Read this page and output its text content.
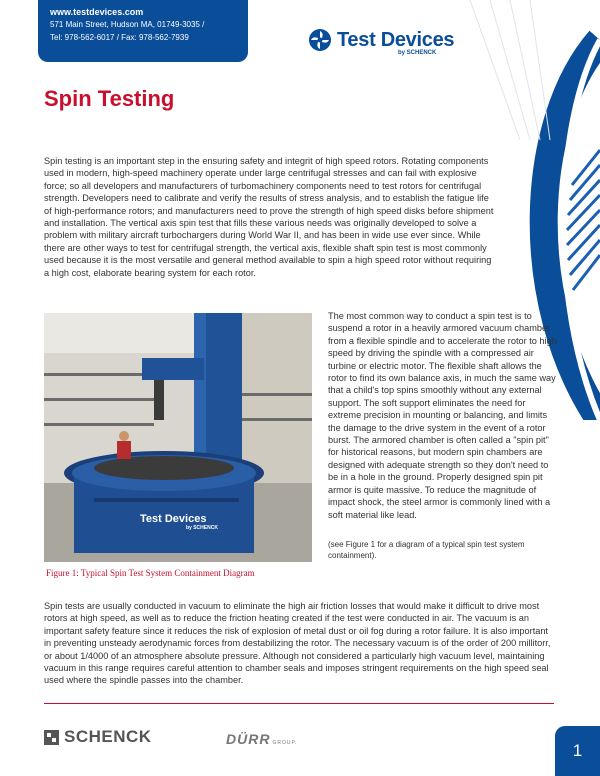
www.testdevices.com
571 Main Street, Hudson MA, 01749-3035 /
Tel: 978-562-6017 / Fax: 978-562-7939	Test Devices
by SCHENCK
Spin Testing

Spin testing is an important step in the ensuring safety and integrit of high speed rotors. Rotating components used in modern, high-speed machinery operate under large centrifugal stresses and can fail with explosive force; so all developers and manufacturers of turbomachinery components need to test rotors for centrifugal strength. Developers need to calibrate and verify the results of stress analysis, and to establish the fatigue life of high-performance rotors; and manufacturers need to prove the strength of high speed disks before shipment and installation. The vertical axis spin test that fills these various needs was originally developed to solve a problem with military aircraft turbochargers during World War II, and has been in wide use ever since. While there are other ways to test for centrifugal strength, the vertical axis, flexible shaft spin test is most commonly used because it is the most versatile and general method available to spin a high speed rotor without requiring a high cost, elaborate bearing system for each rotor.

Test Devices
by SCHENCK
Figure 1: Typical Spin Test System Containment Diagram

The most common way to conduct a spin test is to suspend a rotor in a heavily armored vacuum chamber from a flexible spindle and to accelerate the rotor to high speed by driving the spindle with a compressed air turbine or electric motor. The flexible shaft allows the rotor to find its own balance axis, in much the same way that a child's top spins smoothly without any external support. The soft support eliminates the need for extreme precision in mounting or balancing, and limits the damage to the drive system in the event of a rotor burst. The armored chamber is often called a "spin pit" for historical reasons, but modern spin chambers are designed with adequate strength so they don't need to be in a hole in the ground. Properly designed spin pit armor is quite massive. To reduce the magnitude of impact shock, the steel armor is commonly lined with a soft material like lead.

(see Figure 1 for a diagram of a typical spin test system containment).

Spin tests are usually conducted in vacuum to eliminate the high air friction losses that would make it difficult to drive most rotors at high speed, as well as to reduce the friction heating created if the test were conducted in air. The vacuum is an important safety feature since it reduces the risk of explosion of metal dust or oil fog during a rotor failure. It is also important in preventing unsteady aerodynamic forces from destabilizing the rotor. The necessary vacuum is of the order of 200 millitorr, or about 1/4000 of an atmosphere absolute pressure. Although not considered a particularly high vacuum level, maintaining vacuum in this range requires careful attention to chamber seals and imposes stringent requirements on the high speed seal used where the spindle passes into the chamber.

SCHENCK	DÜRR GROUP.	1
